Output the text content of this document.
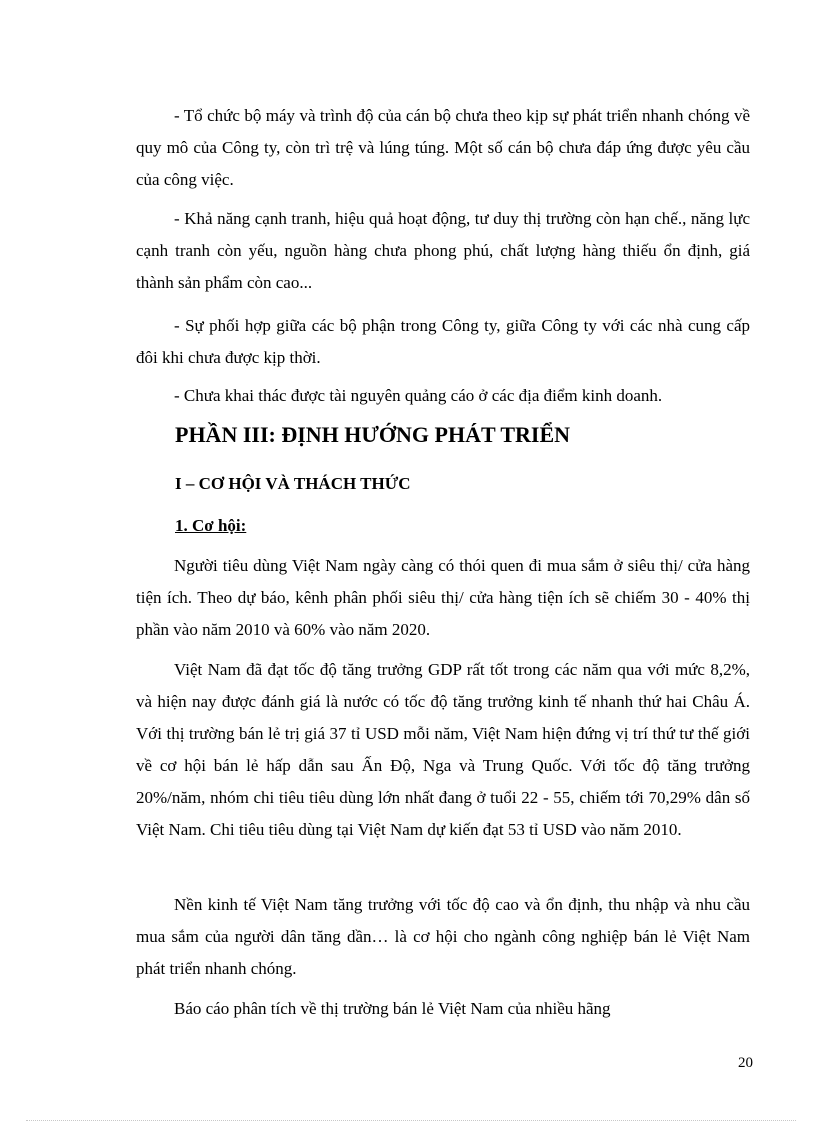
- Tổ chức bộ máy và trình độ của cán bộ chưa theo kịp sự phát triển nhanh chóng về quy mô của Công ty, còn trì trệ và lúng túng. Một số cán bộ chưa đáp ứng được yêu cầu của công việc.

- Khả năng cạnh tranh, hiệu quả hoạt động, tư duy thị trường còn hạn chế., năng lực cạnh tranh còn yếu, nguồn hàng chưa phong phú, chất lượng hàng thiếu ổn định, giá thành sản phẩm còn cao...

- Sự phối hợp giữa các bộ phận trong Công ty, giữa Công ty với các nhà cung cấp đôi khi chưa được kịp thời.

- Chưa khai thác được tài nguyên quảng cáo ở các địa điểm kinh doanh.

PHẦN III: ĐỊNH HƯỚNG PHÁT TRIỂN
I – CƠ HỘI VÀ THÁCH THỨC
1. Cơ hội:

Người tiêu dùng Việt Nam ngày càng có thói quen đi mua sắm ở siêu thị/ cửa hàng tiện ích. Theo dự báo, kênh phân phối siêu thị/ cửa hàng tiện ích sẽ chiếm 30 - 40% thị phần vào năm 2010 và 60% vào năm 2020.

Việt Nam đã đạt tốc độ tăng trưởng GDP rất tốt trong các năm qua với mức 8,2%, và hiện nay được đánh giá là nước có tốc độ tăng trưởng kinh tế nhanh thứ hai Châu Á. Với thị trường bán lẻ trị giá 37 tỉ USD mỗi năm, Việt Nam hiện đứng vị trí thứ tư thế giới về cơ hội bán lẻ hấp dẫn sau Ấn Độ, Nga và Trung Quốc. Với tốc độ tăng trưởng 20%/năm, nhóm chi tiêu tiêu dùng lớn nhất đang ở tuổi 22 - 55, chiếm tới 70,29% dân số Việt Nam. Chi tiêu tiêu dùng tại Việt Nam dự kiến đạt 53 tỉ USD vào năm 2010.

Nền kinh tế Việt Nam tăng trưởng với tốc độ cao và ổn định, thu nhập và nhu cầu mua sắm của người dân tăng dần… là cơ hội cho ngành công nghiệp bán lẻ Việt Nam phát triển nhanh chóng.

Báo cáo phân tích về thị trường bán lẻ Việt Nam của nhiều hãng

20
